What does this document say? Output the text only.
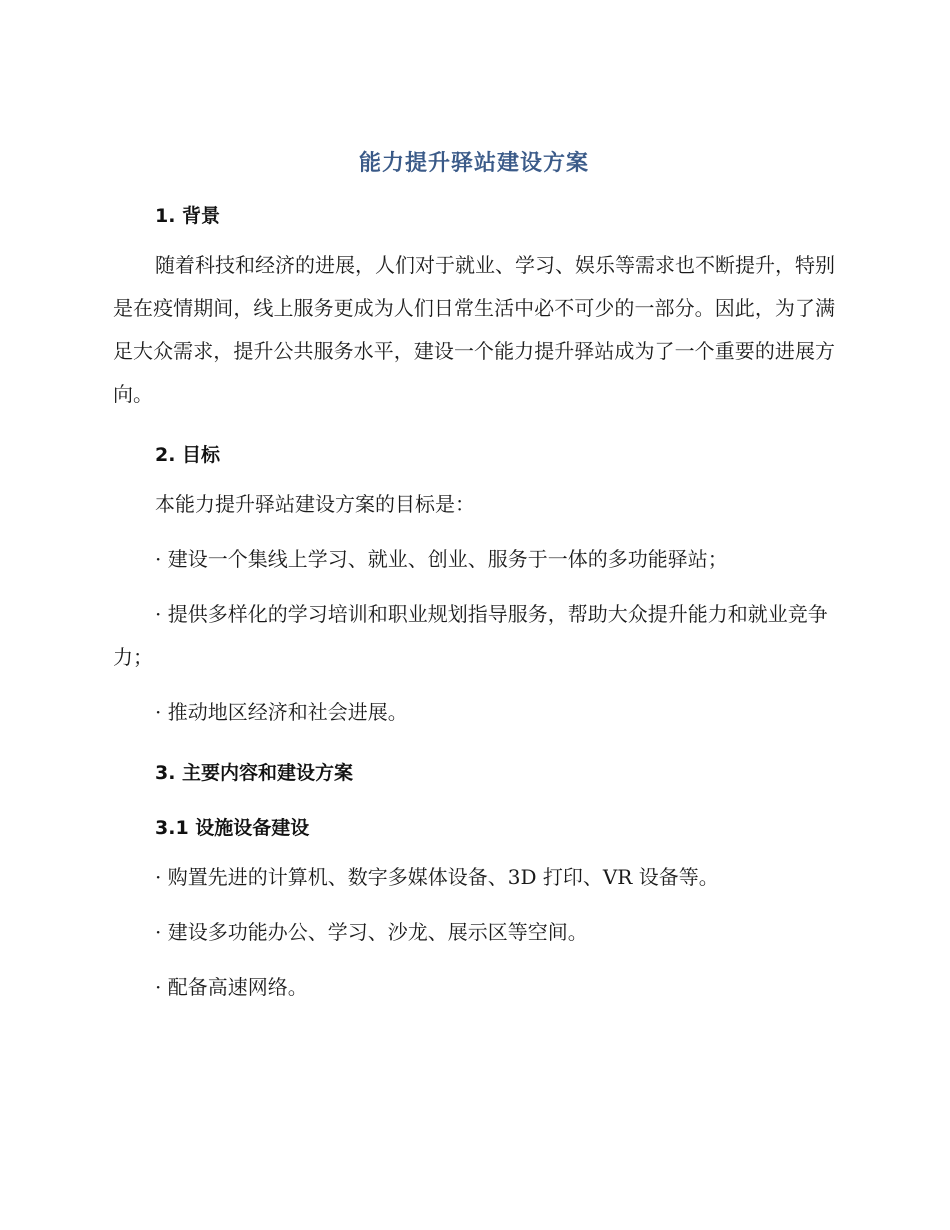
能力提升驿站建设方案
1. 背景

随着科技和经济的进展，人们对于就业、学习、娱乐等需求也不断提升，特别是在疫情期间，线上服务更成为人们日常生活中必不可少的一部分。因此，为了满足大众需求，提升公共服务水平，建设一个能力提升驿站成为了一个重要的进展方向。

2. 目标

本能力提升驿站建设方案的目标是：

· 建设一个集线上学习、就业、创业、服务于一体的多功能驿站；

· 提供多样化的学习培训和职业规划指导服务，帮助大众提升能力和就业竞争力；

· 推动地区经济和社会进展。

3. 主要内容和建设方案
3.1 设施设备建设

· 购置先进的计算机、数字多媒体设备、3D 打印、VR 设备等。

· 建设多功能办公、学习、沙龙、展示区等空间。

· 配备高速网络。
